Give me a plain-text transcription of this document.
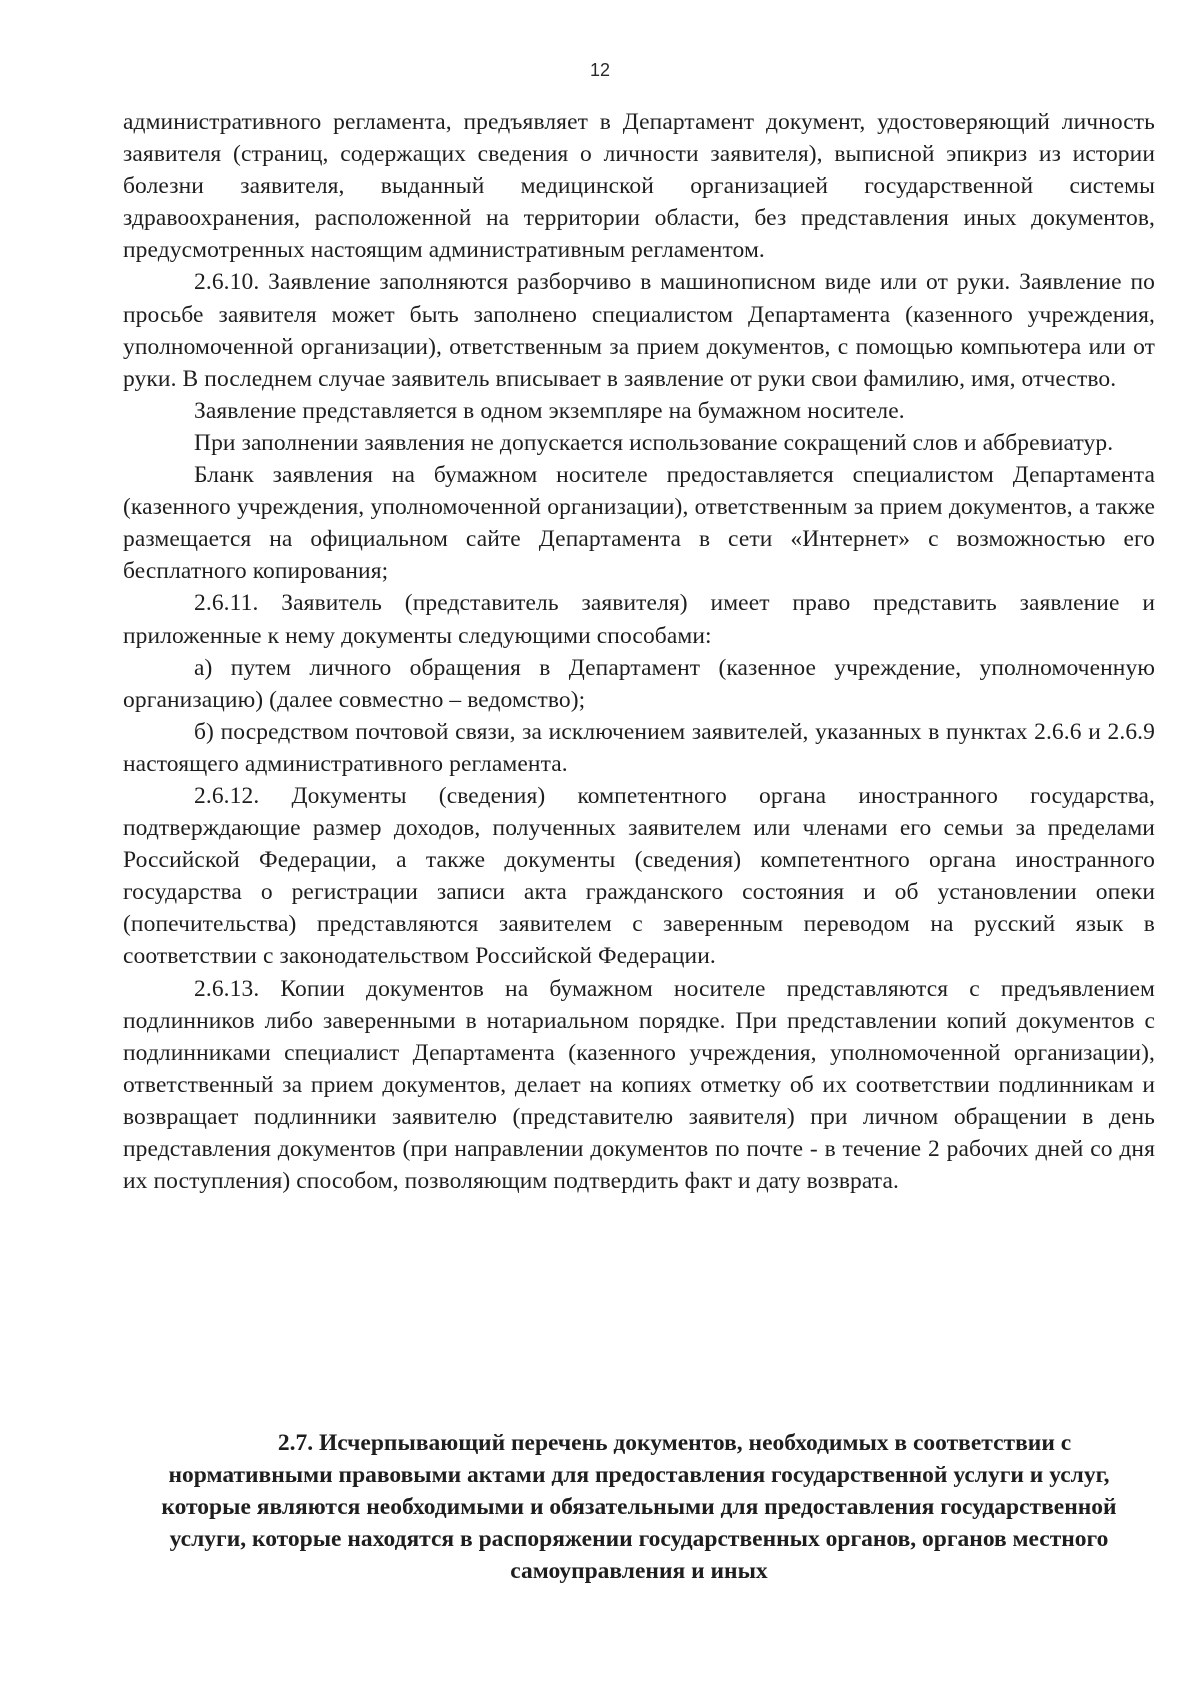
12

административного регламента, предъявляет в Департамент документ, удостоверяющий личность заявителя (страниц, содержащих сведения о личности заявителя), выписной эпикриз из истории болезни заявителя, выданный медицинской организацией государственной системы здравоохранения, расположенной на территории области, без представления иных документов, предусмотренных настоящим административным регламентом.

2.6.10. Заявление заполняются разборчиво в машинописном виде или от руки. Заявление по просьбе заявителя может быть заполнено специалистом Департамента (казенного учреждения, уполномоченной организации), ответственным за прием документов, с помощью компьютера или от руки. В последнем случае заявитель вписывает в заявление от руки свои фамилию, имя, отчество.

Заявление представляется в одном экземпляре на бумажном носителе.

При заполнении заявления не допускается использование сокращений слов и аббревиатур.

Бланк заявления на бумажном носителе предоставляется специалистом Департамента (казенного учреждения, уполномоченной организации), ответственным за прием документов, а также размещается на официальном сайте Департамента в сети «Интернет» с возможностью его бесплатного копирования;

2.6.11. Заявитель (представитель заявителя) имеет право представить заявление и приложенные к нему документы следующими способами:

а) путем личного обращения в Департамент (казенное учреждение, уполномоченную организацию) (далее совместно – ведомство);

б) посредством почтовой связи, за исключением заявителей, указанных в пунктах 2.6.6 и 2.6.9 настоящего административного регламента.

2.6.12. Документы (сведения) компетентного органа иностранного государства, подтверждающие размер доходов, полученных заявителем или членами его семьи за пределами Российской Федерации, а также документы (сведения) компетентного органа иностранного государства о регистрации записи акта гражданского состояния и об установлении опеки (попечительства) представляются заявителем с заверенным переводом на русский язык в соответствии с законодательством Российской Федерации.

2.6.13. Копии документов на бумажном носителе представляются с предъявлением подлинников либо заверенными в нотариальном порядке. При представлении копий документов с подлинниками специалист Департамента (казенного учреждения, уполномоченной организации), ответственный за прием документов, делает на копиях отметку об их соответствии подлинникам и возвращает подлинники заявителю (представителю заявителя) при личном обращении в день представления документов (при направлении документов по почте - в течение 2 рабочих дней со дня их поступления) способом, позволяющим подтвердить факт и дату возврата.

2.7. Исчерпывающий перечень документов, необходимых в соответствии с нормативными правовыми актами для предоставления государственной услуги и услуг, которые являются необходимыми и обязательными для предоставления государственной услуги, которые находятся в распоряжении государственных органов, органов местного самоуправления и иных
